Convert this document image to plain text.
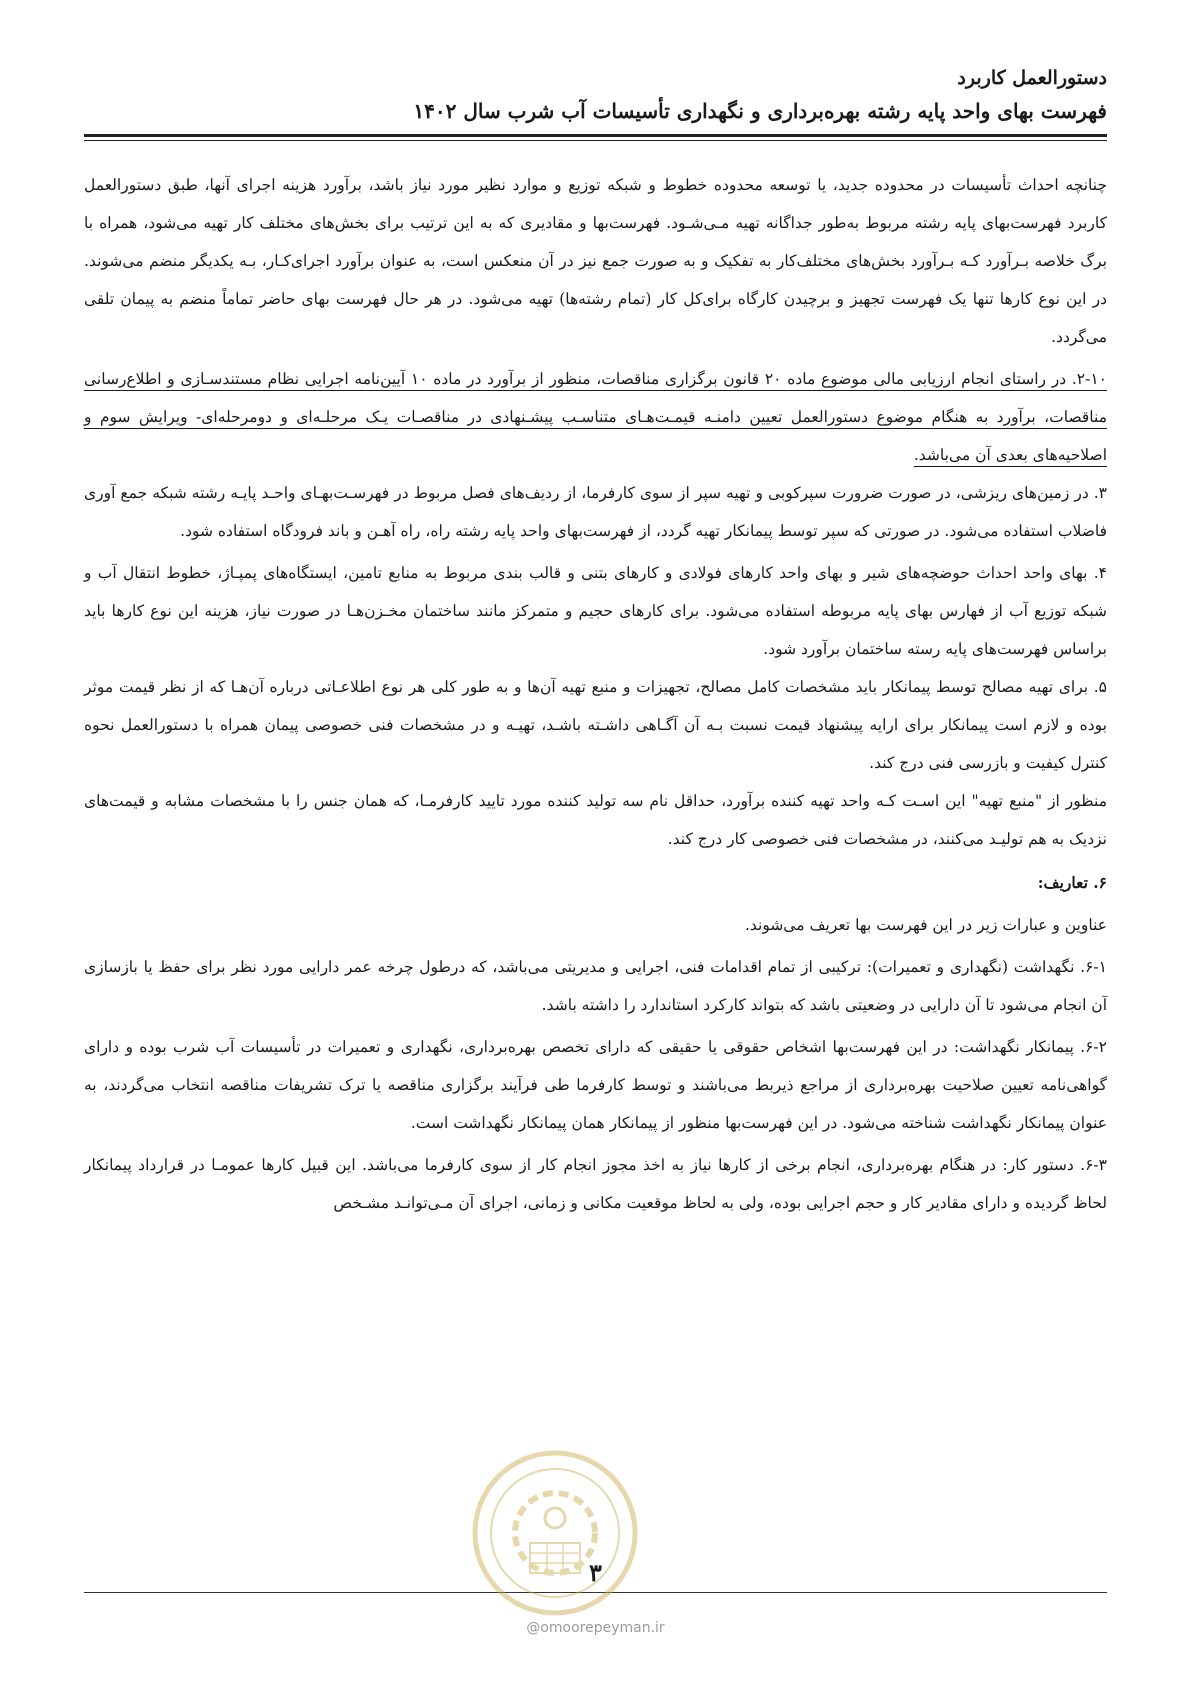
دستورالعمل کاربرد
فهرست بهای واحد پایه رشته بهره‌برداری و نگهداری تأسیسات آب شرب سال ۱۴۰۲

چنانچه احداث تأسیسات در محدوده جدید، یا توسعه محدوده خطوط و شبکه توزیع و موارد نظیر مورد نیاز باشد، برآورد هزینه اجرای آنها، طبق دستورالعمل کاربرد فهرست‌بهای پایه رشته مربوط به‌طور جداگانه تهیه مـی‌شـود. فهرست‌بها و مقادیری که به این ترتیب برای بخش‌های مختلف کار تهیه می‌شود، همراه با برگ خلاصه بـرآورد کـه بـرآورد بخش‌های مختلف‌کار به تفکیک و به صورت جمع نیز در آن منعکس است، به عنوان برآورد اجرای‌کـار، بـه یکدیگر منضم می‌شوند. در این نوع کارها تنها یک فهرست تجهیز و برچیدن کارگاه برای‌کل کار (تمام رشته‌ها) تهیه می‌شود. در هر حال فهرست بهای حاضر تماماً منضم به پیمان تلقی می‌گردد.

۲-۱۰. در راستای انجام ارزیابی مالی موضوع ماده ۲۰ قانون برگزاری مناقصات، منظور از برآورد در ماده ۱۰ آیین‌نامه اجرایی نظام مستندسـازی و اطلاع‌رسانی مناقصات، برآورد به هنگام موضوع دستورالعمل تعیین دامنـه قیمـت‌هـای متناسـب پیشـنهادی در مناقصـات یـک مرحلـه‌ای و دومرحله‌ای- ویرایش سوم و اصلاحیه‌های بعدی آن می‌باشد.

۳. در زمین‌های ریزشی، در صورت ضرورت سپرکوبی و تهیه سپر از سوی کارفرما، از ردیف‌های فصل مربوط در فهرسـت‌بهـای واحـد پایـه رشته شبکه جمع آوری فاضلاب استفاده می‌شود. در صورتی که سپر توسط پیمانکار تهیه گردد، از فهرست‌بهای واحد پایه رشته راه، راه آهـن و باند فرودگاه استفاده شود.

۴. بهای واحد احداث حوضچه‌های شیر و بهای واحد کارهای فولادی و کارهای بتنی و قالب بندی مربوط به منابع تامین، ایستگاه‌های پمپـاژ، خطوط انتقال آب و شبکه توزیع آب از فهارس بهای پایه مربوطه استفاده می‌شود. برای کارهای حجیم و متمرکز مانند ساختمان مخـزن‌هـا در صورت نیاز، هزینه این نوع کارها باید براساس فهرست‌های پایه رسته ساختمان برآورد شود.

۵. برای تهیه مصالح توسط پیمانکار باید مشخصات کامل مصالح، تجهیزات و منبع تهیه آن‌ها و به طور کلی هر نوع اطلاعـاتی درباره آن‌هـا که از نظر قیمت موثر بوده و لازم است پیمانکار برای ارایه پیشنهاد قیمت نسبت بـه آن آگـاهی داشـته باشـد، تهیـه و در مشخصات فنی خصوصی پیمان همراه با دستورالعمل نحوه کنترل کیفیت و بازرسی فنی درج کند.

منظور از "منبع تهیه" این اسـت کـه واحد تهیه کننده برآورد، حداقل نام سه تولید کننده مورد تایید کارفرمـا، که همان جنس را با مشخصات مشابه و قیمت‌های نزدیک به هم تولیـد می‌کنند، در مشخصات فنی خصوصی کار درج کند.

۶. تعاریف:

عناوین و عبارات زیر در این فهرست بها تعریف می‌شوند.

۶-۱. نگهداشت (نگهداری و تعمیرات): ترکیبی از تمام اقدامات فنی، اجرایی و مدیریتی می‌باشد، که درطول چرخه عمر دارایی مورد نظر برای حفظ یا بازسازی آن انجام می‌شود تا آن دارایی در وضعیتی باشد که بتواند کارکرد استاندارد را داشته باشد.

۶-۲. پیمانکار نگهداشت: در این فهرست‌بها اشخاص حقوقی یا حقیقی که دارای تخصص بهره‌برداری، نگهداری و تعمیرات در تأسیسات آب شرب بوده و دارای گواهی‌نامه تعیین صلاحیت بهره‌برداری از مراجع ذیربط می‌باشند و توسط کارفرما طی فرآیند برگزاری مناقصه یا ترک تشریفات مناقصه انتخاب می‌گردند، به عنوان پیمانکار نگهداشت شناخته می‌شود. در این فهرست‌بها منظور از پیمانکار همان پیمانکار نگهداشت است.

۶-۳. دستور کار: در هنگام بهره‌برداری، انجام برخی از کارها نیاز به اخذ مجوز انجام کار از سوی کارفرما می‌باشد. این قبیل کارها عمومـا در قرارداد پیمانکار لحاظ گردیده و دارای مقادیر کار و حجم اجرایی بوده، ولی به لحاظ موقعیت مکانی و زمانی، اجرای آن مـی‌توانـد مشـخص

۳
@omoorepeyman.ir
